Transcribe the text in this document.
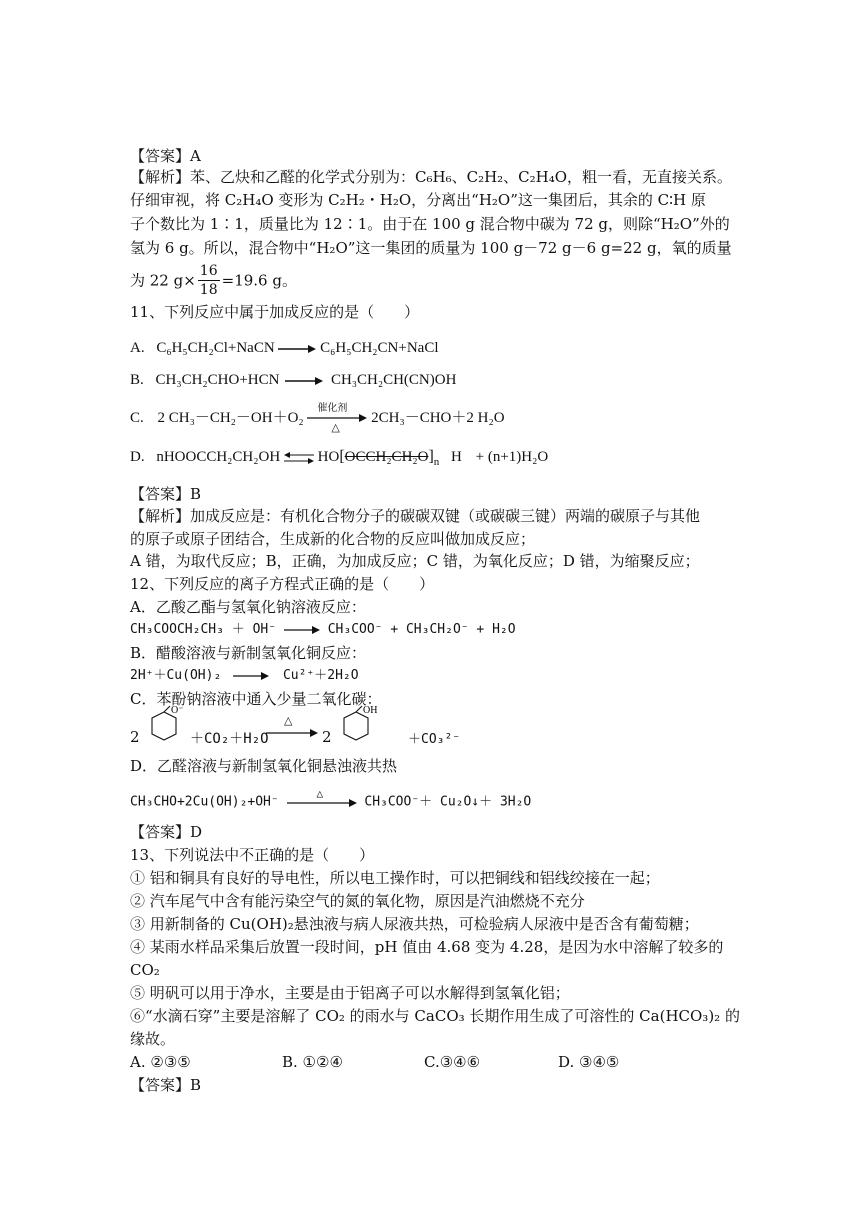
【答案】A
【解析】苯、乙炔和乙醛的化学式分别为：C₆H₆、C₂H₂、C₂H₄O，粗一看，无直接关系。
仔细审视，将 C₂H₄O 变形为 C₂H₂・H₂O，分离出“H₂O”这一集团后，其余的 C∶H 原
子个数比为 1∶1，质量比为 12∶1。由于在 100 g 混合物中碳为 72 g，则除“H₂O”外的
氢为 6 g。所以，混合物中“H₂O”这一集团的质量为 100 g－72 g－6 g=22 g，氧的质量
为 22 $g\times \frac{16}{18} =19.6$ g。
11、下列反应中属于加成反应的是（　　）
A. C₆H₅CH₂Cl+NaCN → C₆H₅CH₂CN+NaCl
B. CH₃CH₂CHO+HCN → CH₃CH₂CH(CN)OH
C. 2 CH₃－CH₂－OH＋O₂
催化剂
△
2CH₃－CHO＋2 H₂O
D. nHOOCCH₂CH₂OH ⇌ $HO[OCCH_2CH_2O]_n$ H + (n+1)H₂O
【答案】B
【解析】加成反应是：有机化合物分子的碳碳双键（或碳碳三键）两端的碳原子与其他
的原子或原子团结合，生成新的化合物的反应叫做加成反应；
A 错，为取代反应；B，正确，为加成反应；C 错，为氧化反应；D 错，为缩聚反应；
12、下列反应的离子方程式正确的是（　　）
A．乙酸乙酯与氢氧化钠溶液反应：
CH₃COOCH₂CH₃ ＋ OH⁻ → CH₃COO⁻ + CH₃CH₂O⁻ + H₂O
B．醋酸溶液与新制氢氧化铜反应：
2H⁺＋Cu(OH)₂ → Cu²⁺＋2H₂O
C．苯酚钠溶液中通入少量二氧化碳：
2
O⁻
＋CO₂＋H₂O
△
→ 2
OH
＋CO₃²⁻
D．乙醛溶液与新制氢氧化铜悬浊液共热
CH₃CHO+2Cu(OH)₂+OH⁻
△
CH₃COO⁻＋ Cu₂O↓＋ 3H₂O
【答案】D
13、下列说法中不正确的是（　　）
① 铝和铜具有良好的导电性，所以电工操作时，可以把铜线和铝线绞接在一起；
② 汽车尾气中含有能污染空气的氮的氧化物，原因是汽油燃烧不充分
③ 用新制备的 Cu(OH)₂悬浊液与病人尿液共热，可检验病人尿液中是否含有葡萄糖；
④ 某雨水样品采集后放置一段时间，pH 值由 4.68 变为 4.28，是因为水中溶解了较多的
CO₂
⑤ 明矾可以用于净水，主要是由于铝离子可以水解得到氢氧化铝；
⑥“水滴石穿”主要是溶解了 CO₂ 的雨水与 CaCO₃ 长期作用生成了可溶性的 Ca(HCO₃)₂ 的
缘故。
A. ②③⑤	B. ①②④	C.③④⑥	D. ③④⑤
【答案】B
